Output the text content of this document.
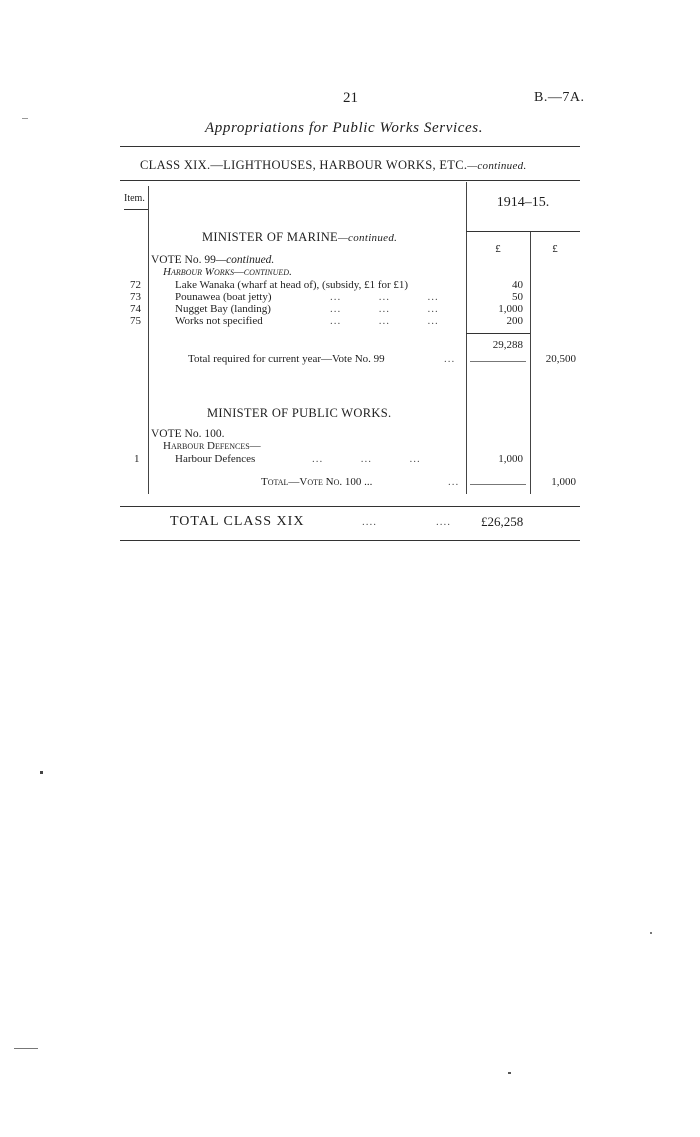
21	B.—7A.
Appropriations for Public Works Services.
CLASS XIX.—LIGHTHOUSES, HARBOUR WORKS, ETC.—continued.
Item.	1914–15.
£	£
MINISTER OF MARINE—continued.
VOTE No. 99—continued.
Harbour Works—continued.
72	Lake Wanaka (wharf at head of), (subsidy, £1 for £1)	40
73	Pounawea (boat jetty)	...          ...          ...	50
74	Nugget Bay (landing)	...          ...          ...	1,000
75	Works not specified	...          ...          ...	200
29,288
Total required for current year—Vote No. 99	...	20,500
MINISTER OF PUBLIC WORKS.
VOTE No. 100.
Harbour Defences—
1	Harbour Defences	...          ...          ...	1,000
Total—Vote No. 100 ...	...	1,000
TOTAL CLASS XIX	....	.... £26,258
